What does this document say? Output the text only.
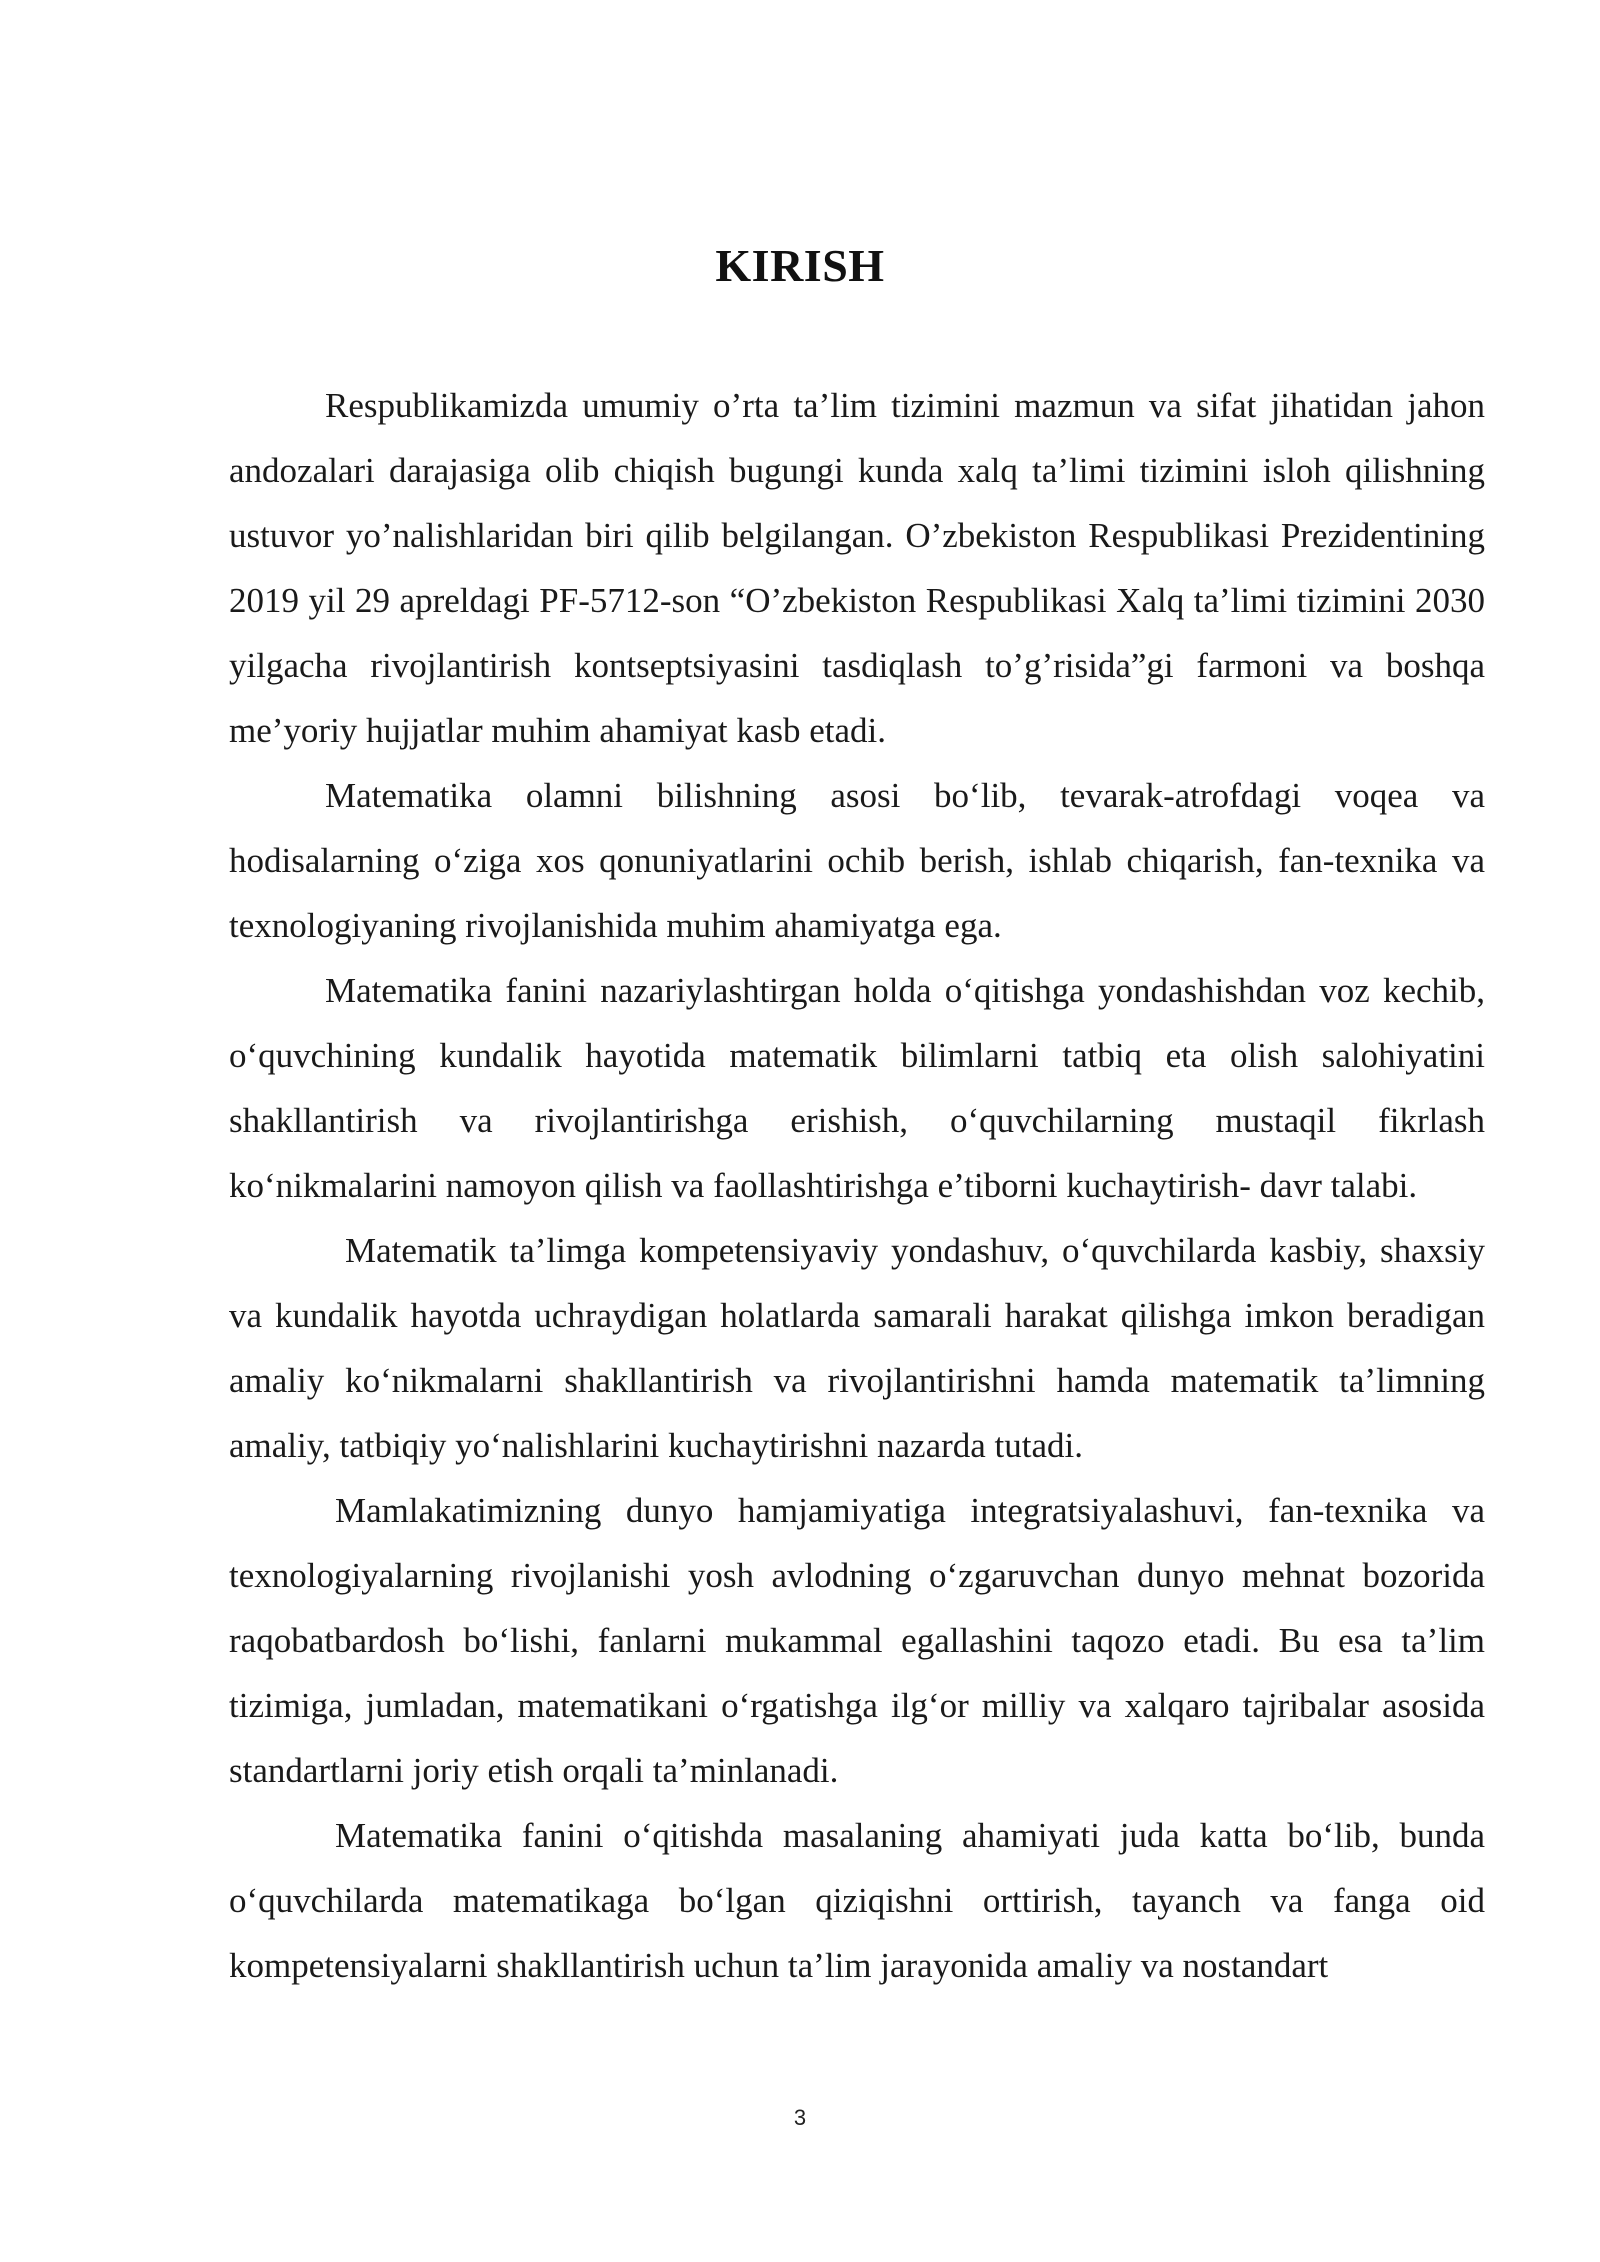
KIRISH

Respublikamizda umumiy o’rta ta’lim tizimini mazmun va sifat jihatidan jahon andozalari darajasiga olib chiqish bugungi kunda xalq ta’limi tizimini isloh qilishning ustuvor yo’nalishlaridan biri qilib belgilangan. O’zbekiston Respublikasi Prezidentining 2019 yil 29 apreldagi PF-5712-son “O’zbekiston Respublikasi Xalq ta’limi tizimini 2030 yilgacha rivojlantirish kontseptsiyasini tasdiqlash to’g’risida”gi farmoni va boshqa me’yoriy hujjatlar muhim ahamiyat kasb etadi.

Matematika olamni bilishning asosi bo‘lib, tevarak-atrofdagi voqea va hodisalarning o‘ziga xos qonuniyatlarini ochib berish, ishlab chiqarish, fan-texnika va texnologiyaning rivojlanishida muhim ahamiyatga ega.

Matematika fanini nazariylashtirgan holda o‘qitishga yondashishdan voz kechib, o‘quvchining kundalik hayotida matematik bilimlarni tatbiq eta olish salohiyatini shakllantirish va rivojlantirishga erishish, o‘quvchilarning mustaqil fikrlash ko‘nikmalarini namoyon qilish va faollashtirishga e’tiborni kuchaytirish- davr talabi.

Matematik ta’limga kompetensiyaviy yondashuv, o‘quvchilarda kasbiy, shaxsiy va kundalik hayotda uchraydigan holatlarda samarali harakat qilishga imkon beradigan amaliy ko‘nikmalarni shakllantirish va rivojlantirishni hamda matematik ta’limning amaliy, tatbiqiy yo‘nalishlarini kuchaytirishni nazarda tutadi.

Mamlakatimizning dunyo hamjamiyatiga integratsiyalashuvi, fan-texnika va texnologiyalarning rivojlanishi yosh avlodning o‘zgaruvchan dunyo mehnat bozorida raqobatbardosh bo‘lishi, fanlarni mukammal egallashini taqozo etadi. Bu esa ta’lim tizimiga, jumladan, matematikani o‘rgatishga ilg‘or milliy va xalqaro tajribalar asosida standartlarni joriy etish orqali ta’minlanadi.

Matematika fanini o‘qitishda masalaning ahamiyati juda katta bo‘lib, bunda o‘quvchilarda matematikaga bo‘lgan qiziqishni orttirish, tayanch va fanga oid kompetensiyalarni shakllantirish uchun ta’lim jarayonida amaliy va nostandart

3
